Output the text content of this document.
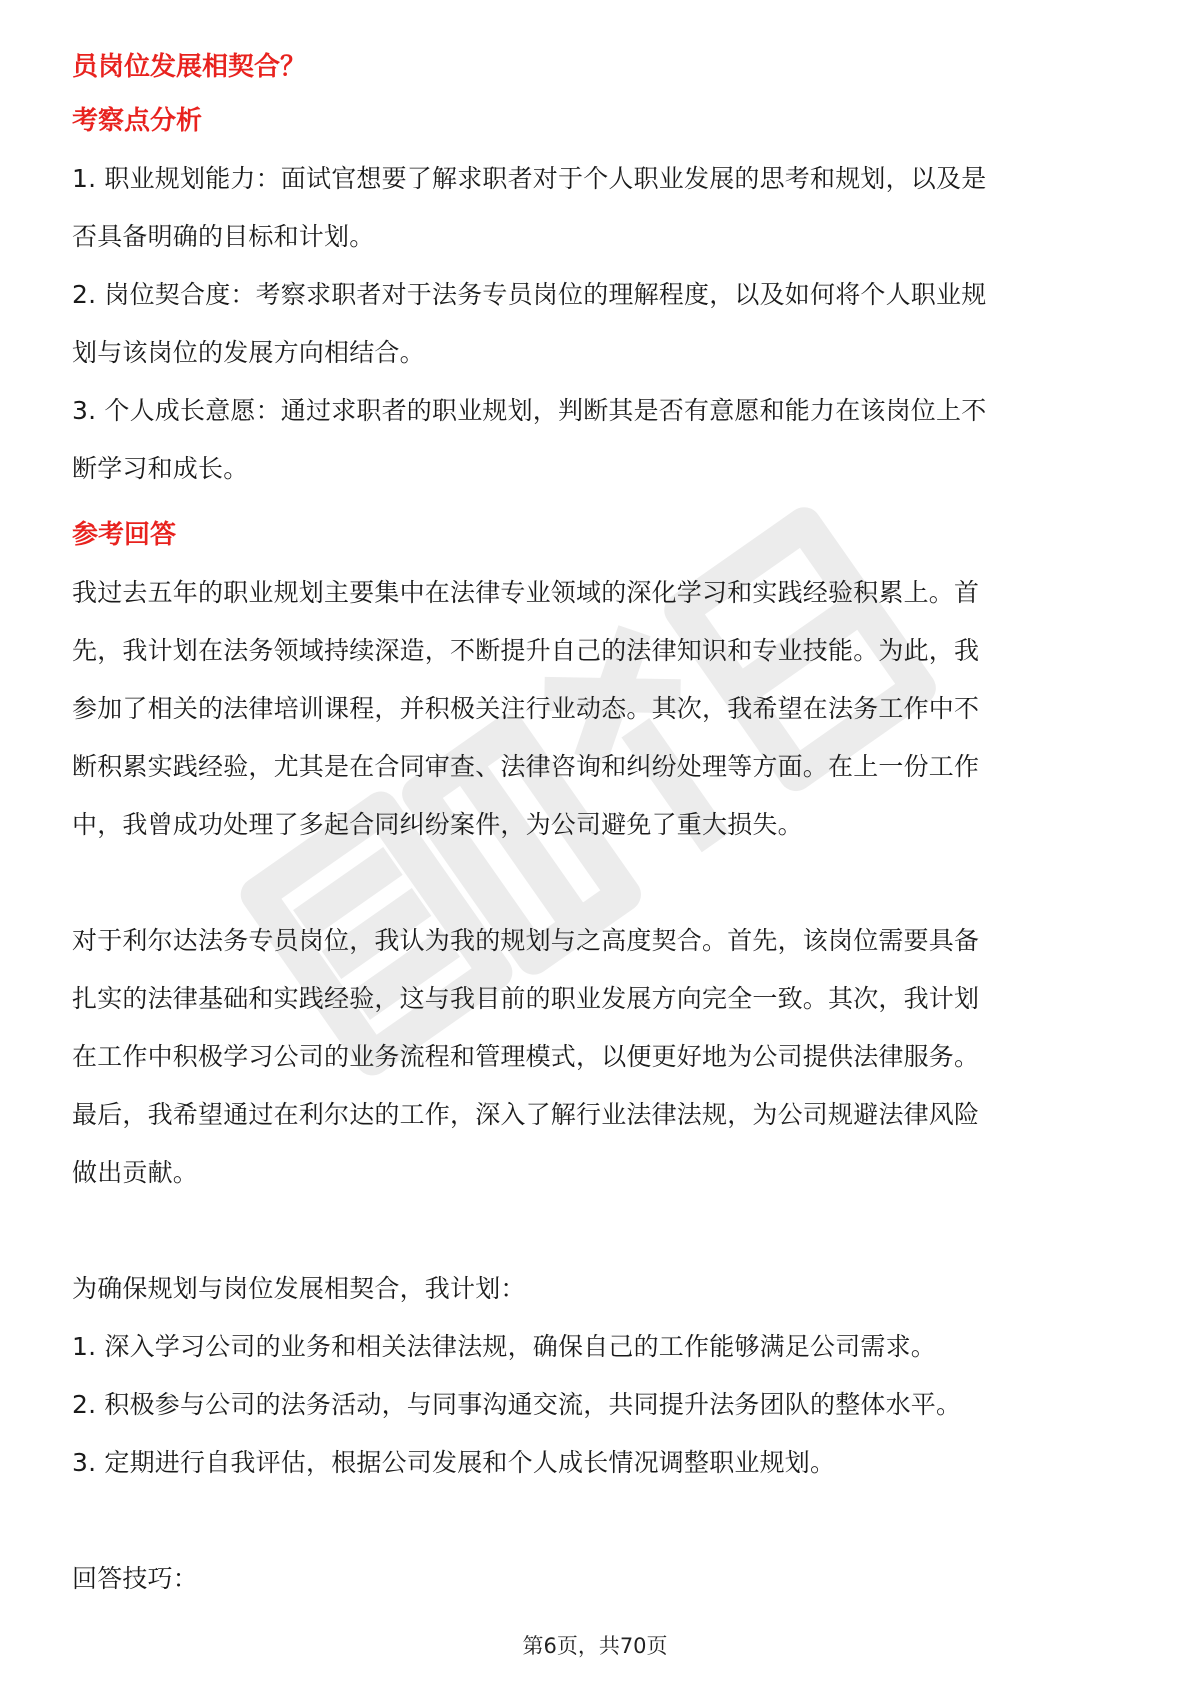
员岗位发展相契合？

考察点分析

1. 职业规划能力：面试官想要了解求职者对于个人职业发展的思考和规划，以及是

否具备明确的目标和计划。

2. 岗位契合度：考察求职者对于法务专员岗位的理解程度，以及如何将个人职业规

划与该岗位的发展方向相结合。

3. 个人成长意愿：通过求职者的职业规划，判断其是否有意愿和能力在该岗位上不

断学习和成长。

参考回答

我过去五年的职业规划主要集中在法律专业领域的深化学习和实践经验积累上。首

先，我计划在法务领域持续深造，不断提升自己的法律知识和专业技能。为此，我

参加了相关的法律培训课程，并积极关注行业动态。其次，我希望在法务工作中不

断积累实践经验，尤其是在合同审查、法律咨询和纠纷处理等方面。在上一份工作

中，我曾成功处理了多起合同纠纷案件，为公司避免了重大损失。

对于利尔达法务专员岗位，我认为我的规划与之高度契合。首先，该岗位需要具备

扎实的法律基础和实践经验，这与我目前的职业发展方向完全一致。其次，我计划

在工作中积极学习公司的业务流程和管理模式，以便更好地为公司提供法律服务。

最后，我希望通过在利尔达的工作，深入了解行业法律法规，为公司规避法律风险

做出贡献。

为确保规划与岗位发展相契合，我计划：

1. 深入学习公司的业务和相关法律法规，确保自己的工作能够满足公司需求。

2. 积极参与公司的法务活动，与同事沟通交流，共同提升法务团队的整体水平。

3. 定期进行自我评估，根据公司发展和个人成长情况调整职业规划。

回答技巧：

第6页，共70页
